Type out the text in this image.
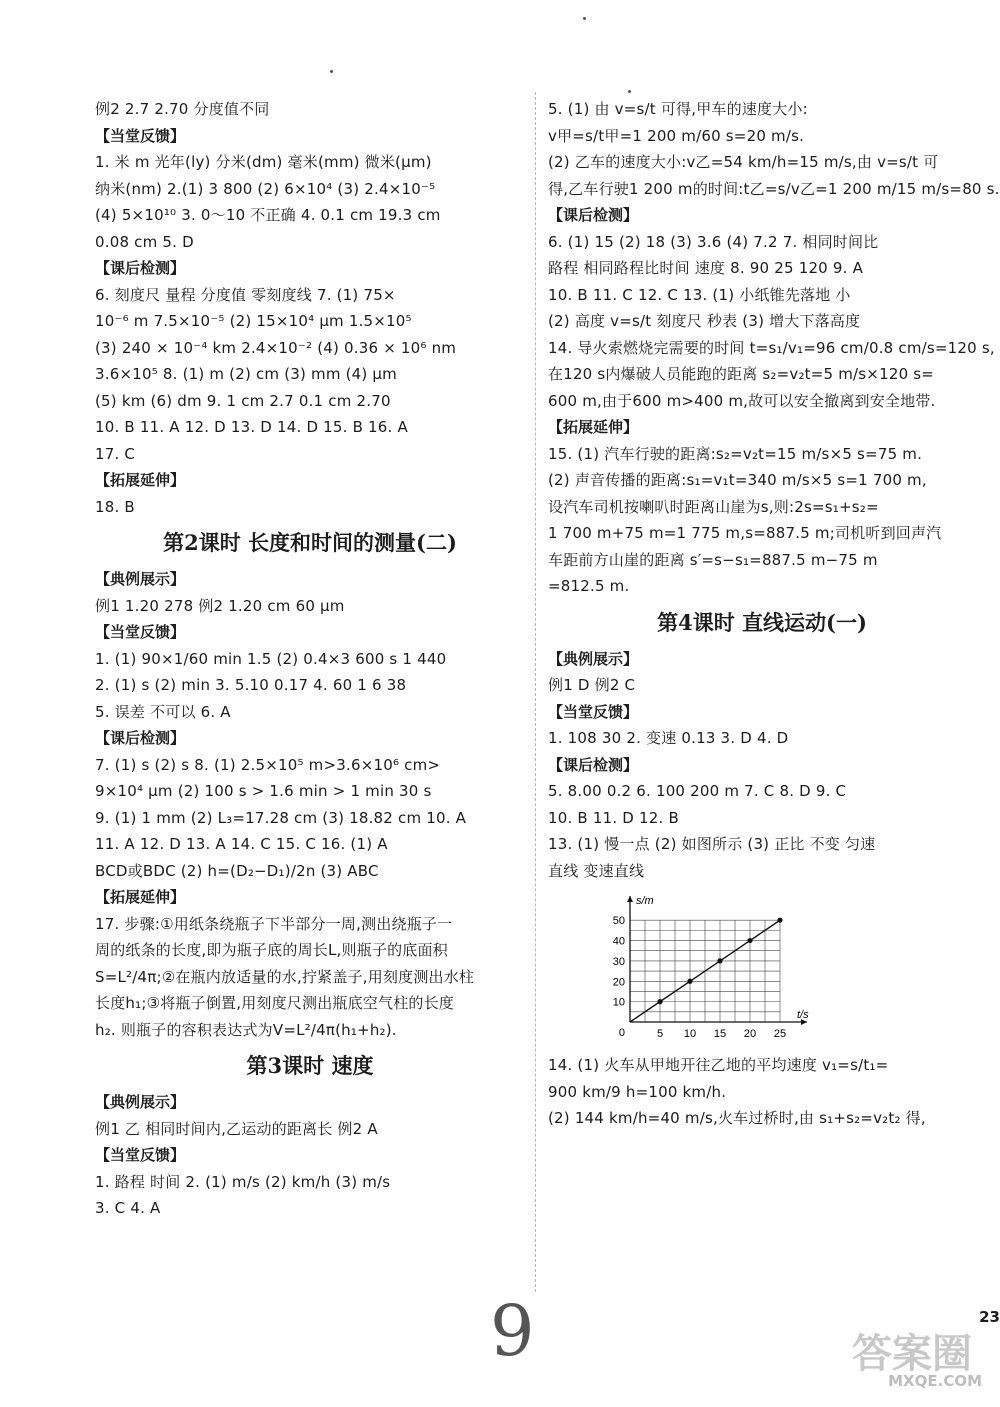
例2 2.7 2.70 分度值不同
【当堂反馈】
1. 米 m 光年(ly) 分米(dm) 毫米(mm) 微米(μm)
纳米(nm) 2.(1) 3 800 (2) 6×10⁴ (3) 2.4×10⁻⁵
(4) 5×10¹⁰ 3. 0～10 不正确 4. 0.1 cm 19.3 cm
0.08 cm 5. D
【课后检测】
6. 刻度尺 量程 分度值 零刻度线 7. (1) 75×
10⁻⁶ m 7.5×10⁻⁵ (2) 15×10⁴ μm 1.5×10⁵
(3) 240 × 10⁻⁴ km 2.4×10⁻² (4) 0.36 × 10⁶ nm
3.6×10⁵ 8. (1) m (2) cm (3) mm (4) μm
(5) km (6) dm 9. 1 cm 2.7 0.1 cm 2.70
10. B 11. A 12. D 13. D 14. D 15. B 16. A
17. C
【拓展延伸】
18. B
第2课时 长度和时间的测量(二)
【典例展示】
例1 1.20 278 例2 1.20 cm 60 μm
【当堂反馈】
1. (1) 90×1/60 min 1.5 (2) 0.4×3 600 s 1 440
2. (1) s (2) min 3. 5.10 0.17 4. 60 1 6 38
5. 误差 不可以 6. A
【课后检测】
7. (1) s (2) s 8. (1) 2.5×10⁵ m>3.6×10⁶ cm>
9×10⁴ μm (2) 100 s > 1.6 min > 1 min 30 s
9. (1) 1 mm (2) L₃=17.28 cm (3) 18.82 cm 10. A
11. A 12. D 13. A 14. C 15. C 16. (1) A
BCD或BDC (2) h=(D₂−D₁)/2n (3) ABC
【拓展延伸】
17. 步骤:①用纸条绕瓶子下半部分一周,测出绕瓶子一
周的纸条的长度,即为瓶子底的周长L,则瓶子的底面积
S=L²/4π;②在瓶内放适量的水,拧紧盖子,用刻度测出水柱
长度h₁;③将瓶子倒置,用刻度尺测出瓶底空气柱的长度
h₂. 则瓶子的容积表达式为V=L²/4π(h₁+h₂).
第3课时 速度
【典例展示】
例1 乙 相同时间内,乙运动的距离长 例2 A
【当堂反馈】
1. 路程 时间 2. (1) m/s (2) km/h (3) m/s
3. C 4. A
5. (1) 由 v=s/t 可得,甲车的速度大小:
v甲=s/t甲=1 200 m/60 s=20 m/s.
(2) 乙车的速度大小:v乙=54 km/h=15 m/s,由 v=s/t 可
得,乙车行驶1 200 m的时间:t乙=s/v乙=1 200 m/15 m/s=80 s.
【课后检测】
6. (1) 15 (2) 18 (3) 3.6 (4) 7.2 7. 相同时间比
路程 相同路程比时间 速度 8. 90 25 120 9. A
10. B 11. C 12. C 13. (1) 小纸锥先落地 小
(2) 高度 v=s/t 刻度尺 秒表 (3) 增大下落高度
14. 导火索燃烧完需要的时间 t=s₁/v₁=96 cm/0.8 cm/s=120 s,
在120 s内爆破人员能跑的距离 s₂=v₂t=5 m/s×120 s=
600 m,由于600 m>400 m,故可以安全撤离到安全地带.
【拓展延伸】
15. (1) 汽车行驶的距离:s₂=v₂t=15 m/s×5 s=75 m.
(2) 声音传播的距离:s₁=v₁t=340 m/s×5 s=1 700 m,
设汽车司机按喇叭时距离山崖为s,则:2s=s₁+s₂=
1 700 m+75 m=1 775 m,s=887.5 m;司机听到回声汽
车距前方山崖的距离 s′=s−s₁=887.5 m−75 m
=812.5 m.
第4课时 直线运动(一)
【典例展示】
例1 D 例2 C
【当堂反馈】
1. 108 30 2. 变速 0.13 3. D 4. D
【课后检测】
5. 8.00 0.2 6. 100 200 m 7. C 8. D 9. C
10. B 11. D 12. B
13. (1) 慢一点 (2) 如图所示 (3) 正比 不变 匀速
直线 变速直线
5 10 15 20 25
10
20
30
40
50
0
t/s
s/m
14. (1) 火车从甲地开往乙地的平均速度 v₁=s/t₁=
900 km/9 h=100 km/h.
(2) 144 km/h=40 m/s,火车过桥时,由 s₁+s₂=v₂t₂ 得,
9	23
答案圈
MXQE.COM
